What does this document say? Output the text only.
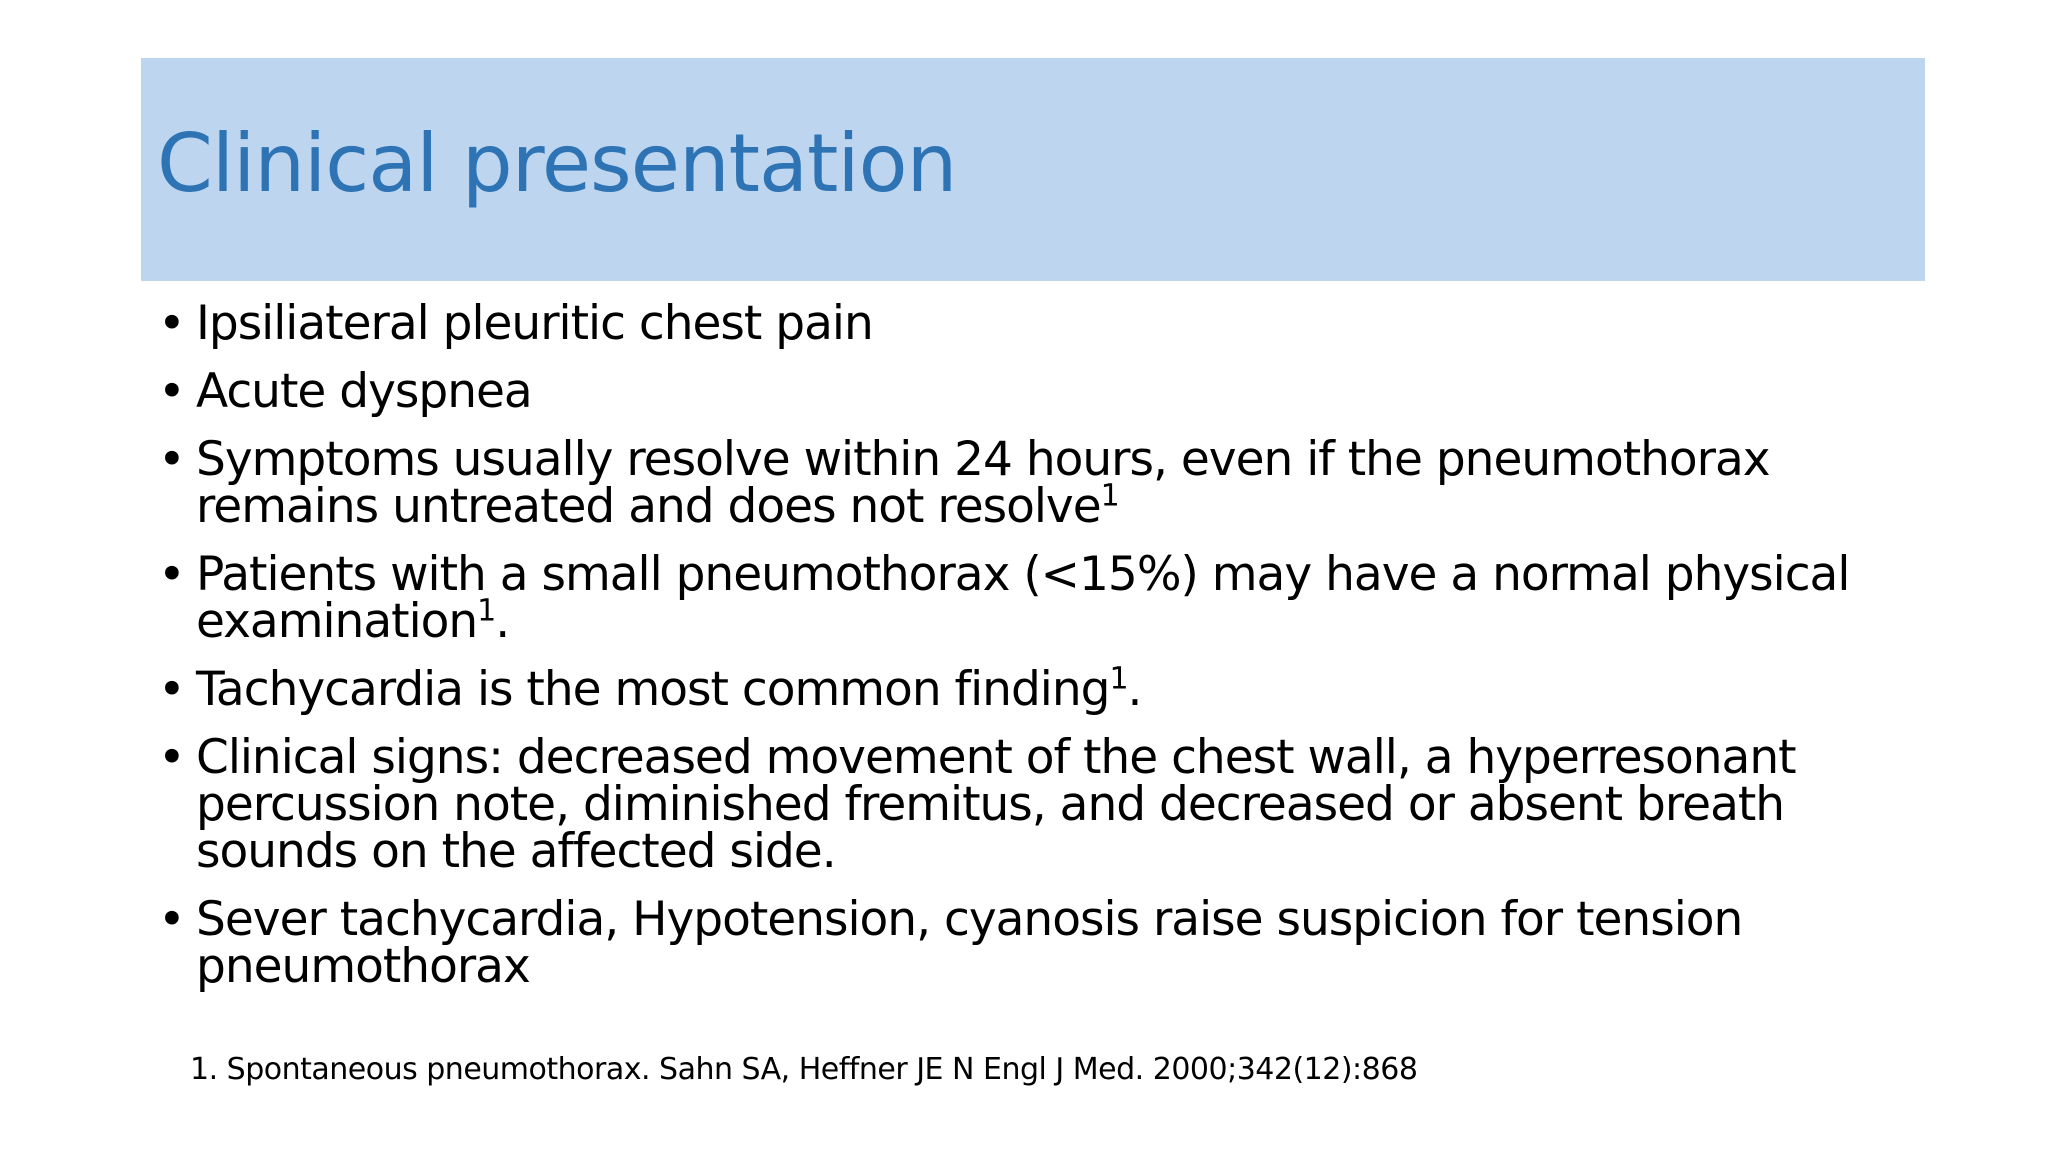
Clinical presentation
• Ipsiliateral pleuritic chest pain
• Acute dyspnea
• Symptoms usually resolve within 24 hours, even if the pneumothorax remains untreated and does not resolve$^1$
• Patients with a small pneumothorax (<15%) may have a normal physical examination$^1$.
• Tachycardia is the most common finding$^1$.
• Clinical signs: decreased movement of the chest wall, a hyperresonant percussion note, diminished fremitus, and decreased or absent breath sounds on the affected side.
• Sever tachycardia, Hypotension, cyanosis raise suspicion for tension pneumothorax

1. Spontaneous pneumothorax. Sahn SA, Heffner JE N Engl J Med. 2000;342(12):868
